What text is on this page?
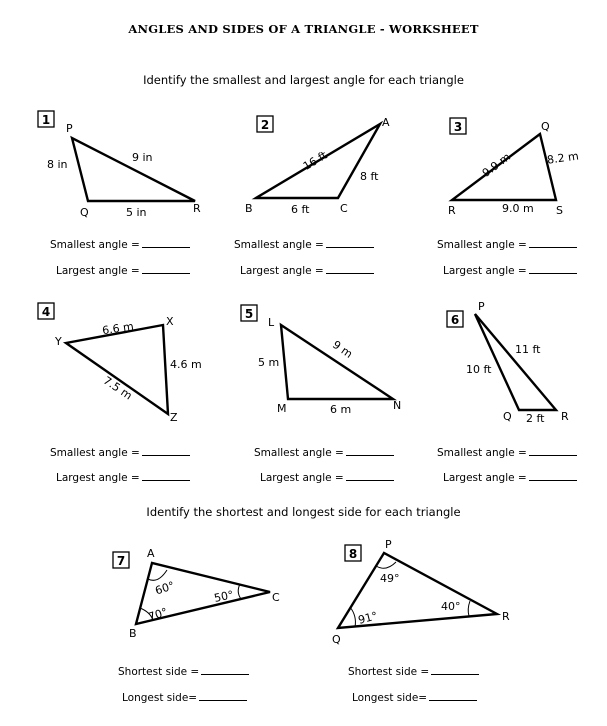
ANGLES AND SIDES OF A TRIANGLE - WORKSHEET
Identify the smallest and largest angle for each triangle
Identify the shortest and longest side for each triangle
1
P
Q	R
8 in
9 in
5 in
2	A
B	C
16 ft
8 ft
6 ft
3	Q
R	S
9.9 m	8.2 m
9.0 m
4
X
Y
Z
6.6 m
4.6 m
7.5 m
5
L
M	N
5 m
9 m
6 m
6
P
Q	R
10 ft
11 ft
2 ft
7
A
B
C
60°
70°
50°
8
P
Q
R
49°
91°
40°
Smallest angle =
Largest angle =
Smallest angle =
Largest angle =
Smallest angle =
Largest angle =
Smallest angle =
Largest angle =
Smallest angle =
Largest angle =
Smallest angle =
Largest angle =
Shortest side =
Longest side=
Shortest side =
Longest side=
